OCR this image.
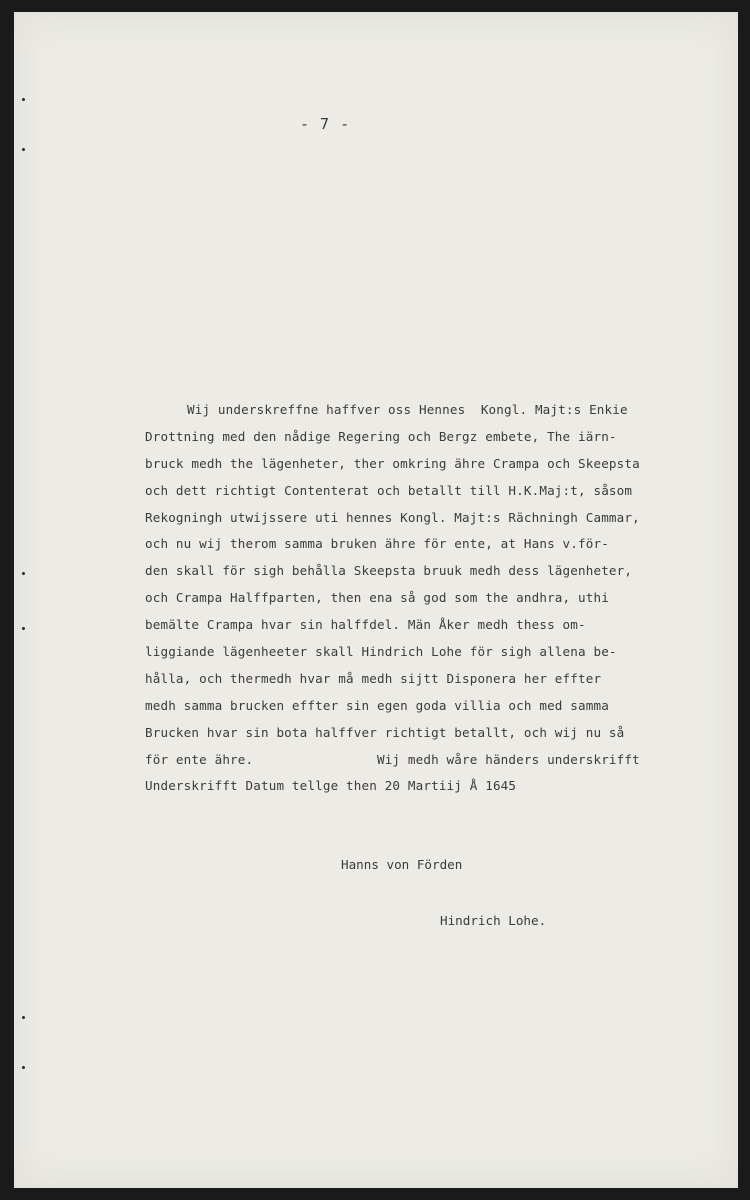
- 7 -
Wij underskreffne haffver oss Hennes  Kongl. Majt:s Enkie
Drottning med den nådige Regering och Bergz embete, The iärn-
bruck medh the lägenheter, ther omkring ähre Crampa och Skeepsta
och dett richtigt Contenterat och betallt till H.K.Maj:t, såsom
Rekogningh utwijssere uti hennes Kongl. Majt:s Rächningh Cammar,
och nu wij therom samma bruken ähre för ente, at Hans v.för-
den skall för sigh behålla Skeepsta bruuk medh dess lägenheter,
och Crampa Halffparten, then ena så god som the andhra, uthi
bemälte Crampa hvar sin halffdel. Män Åker medh thess om-
liggiande lägenheeter skall Hindrich Lohe för sigh allena be-
hålla, och thermedh hvar må medh sijtt Disponera her effter
medh samma brucken effter sin egen goda villia och med samma
Brucken hvar sin bota halffver richtigt betallt, och wij nu så
för ente ähre.                Wij medh wåre händers underskrifft
Underskrifft Datum tellge then 20 Martiij Å 1645
Hanns von Förden
Hindrich Lohe.
